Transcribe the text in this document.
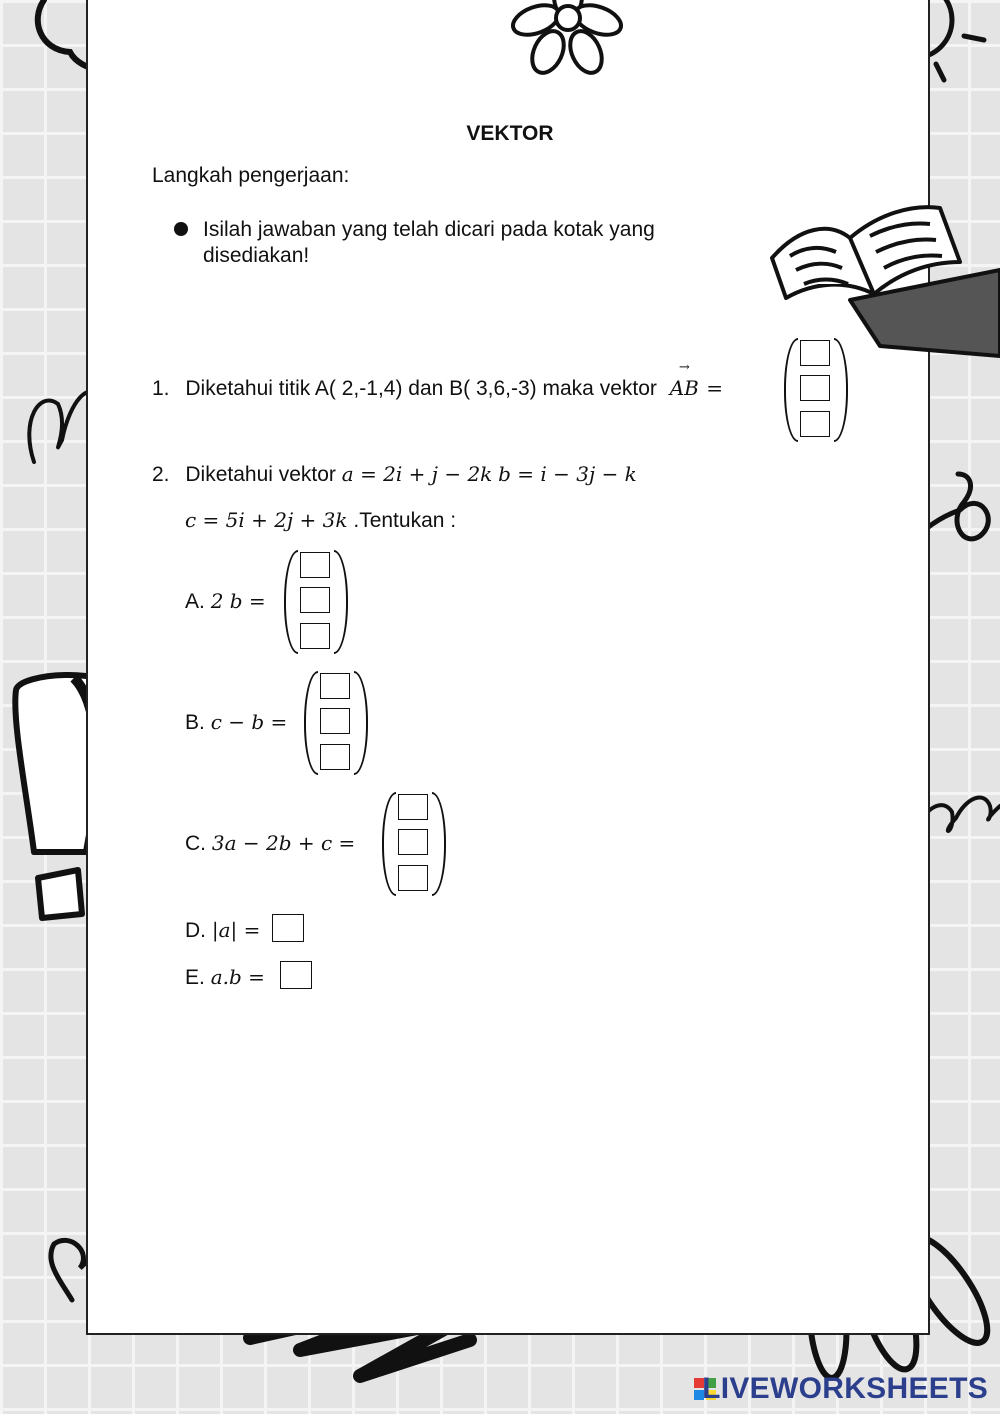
VEKTOR
Langkah pengerjaan:
Isilah jawaban yang telah dicari pada kotak yang disediakan!
1. Diketahui titik A( 2,-1,4) dan B( 3,6,-3) maka vektor AB → =
2. Diketahui vektor a = 2i + j − 2k b = i − 3j − k
c = 5i + 2j + 3k .Tentukan :
A. 2 b =
B. c − b =
C. 3a − 2b + c =
D. |a| =
E. a.b =
LIVEWORKSHEETS
